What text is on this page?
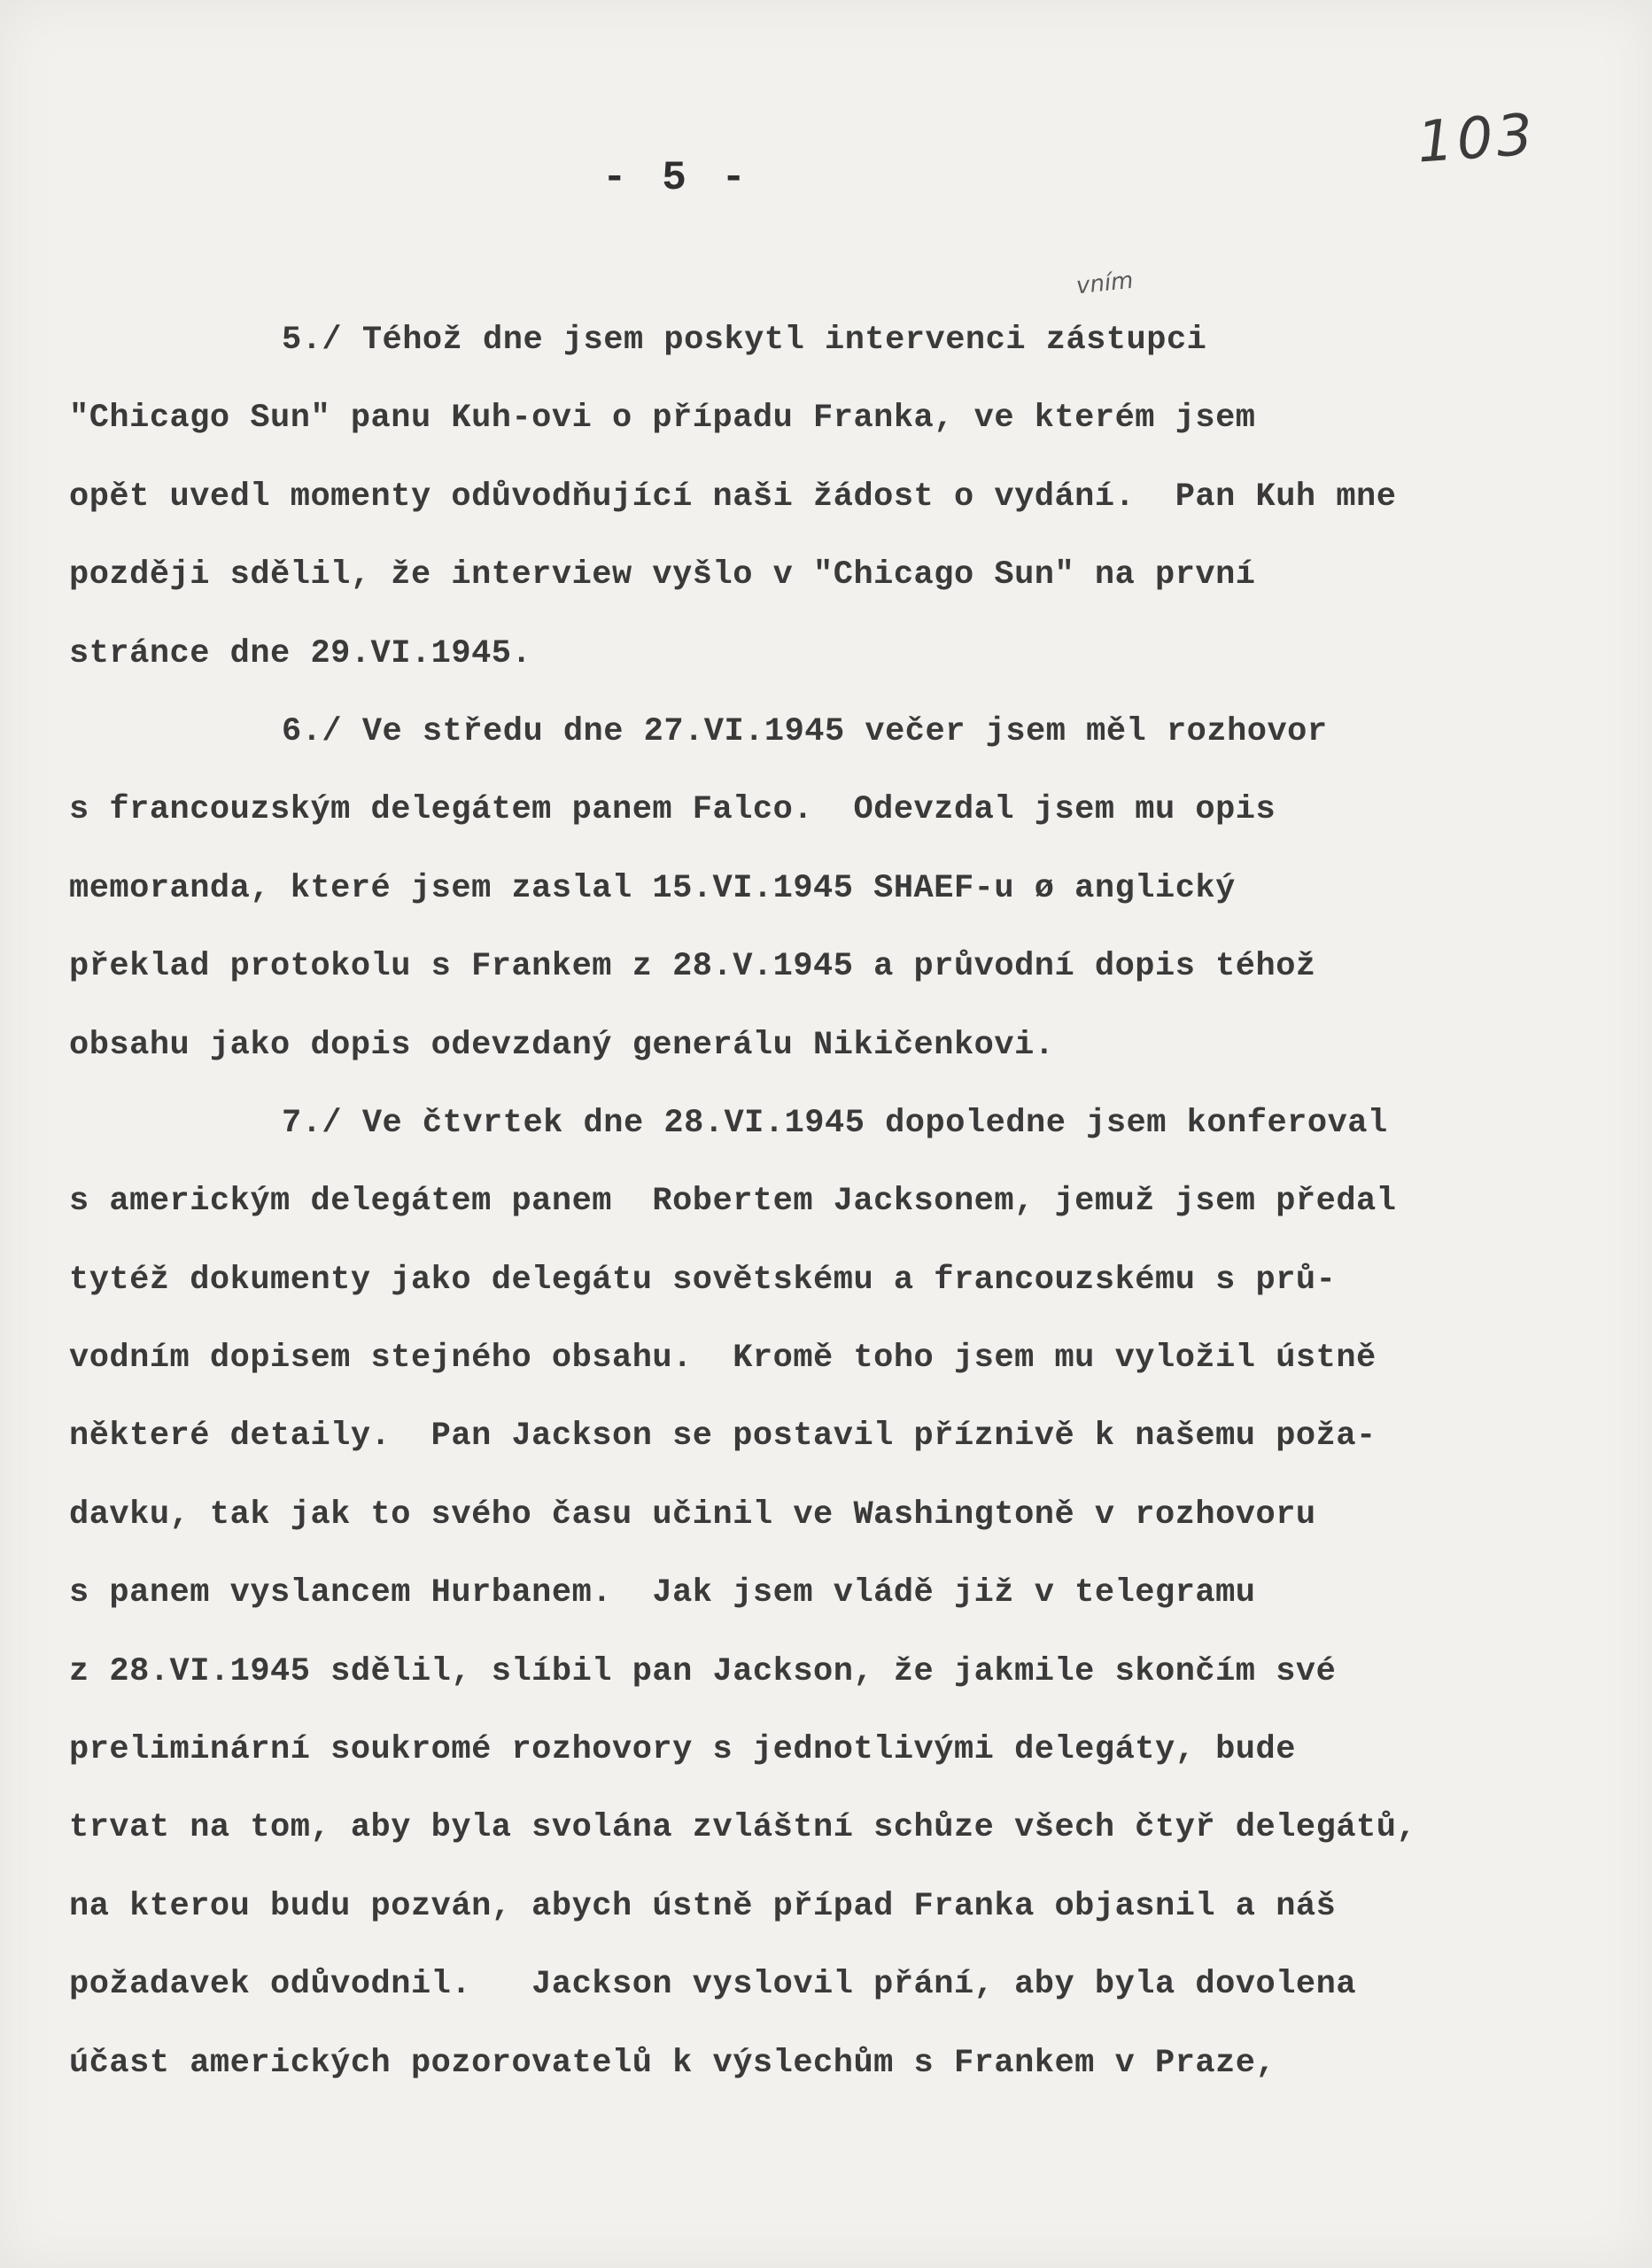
103
- 5 -
vním
5./ Téhož dne jsem poskytl intervenci zástupci
"Chicago Sun" panu Kuh-ovi o případu Franka, ve kterém jsem
opět uvedl momenty odůvodňující naši žádost o vydání.  Pan Kuh mne
později sdělil, že interview vyšlo v "Chicago Sun" na první
stránce dne 29.VI.1945.
6./ Ve středu dne 27.VI.1945 večer jsem měl rozhovor
s francouzským delegátem panem Falco.  Odevzdal jsem mu opis
memoranda, které jsem zaslal 15.VI.1945 SHAEF-u ø anglický
překlad protokolu s Frankem z 28.V.1945 a průvodní dopis téhož
obsahu jako dopis odevzdaný generálu Nikičenkovi.
7./ Ve čtvrtek dne 28.VI.1945 dopoledne jsem konferoval
s americkým delegátem panem  Robertem Jacksonem, jemuž jsem předal
tytéž dokumenty jako delegátu sovětskému a francouzskému s prů-
vodním dopisem stejného obsahu.  Kromě toho jsem mu vyložil ústně
některé detaily.  Pan Jackson se postavil příznivě k našemu poža-
davku, tak jak to svého času učinil ve Washingtoně v rozhovoru
s panem vyslancem Hurbanem.  Jak jsem vládě již v telegramu
z 28.VI.1945 sdělil, slíbil pan Jackson, že jakmile skončím své
preliminární soukromé rozhovory s jednotlivými delegáty, bude
trvat na tom, aby byla svolána zvláštní schůze všech čtyř delegátů,
na kterou budu pozván, abych ústně případ Franka objasnil a náš
požadavek odůvodnil.   Jackson vyslovil přání, aby byla dovolena
účast amerických pozorovatelů k výslechům s Frankem v Praze,
